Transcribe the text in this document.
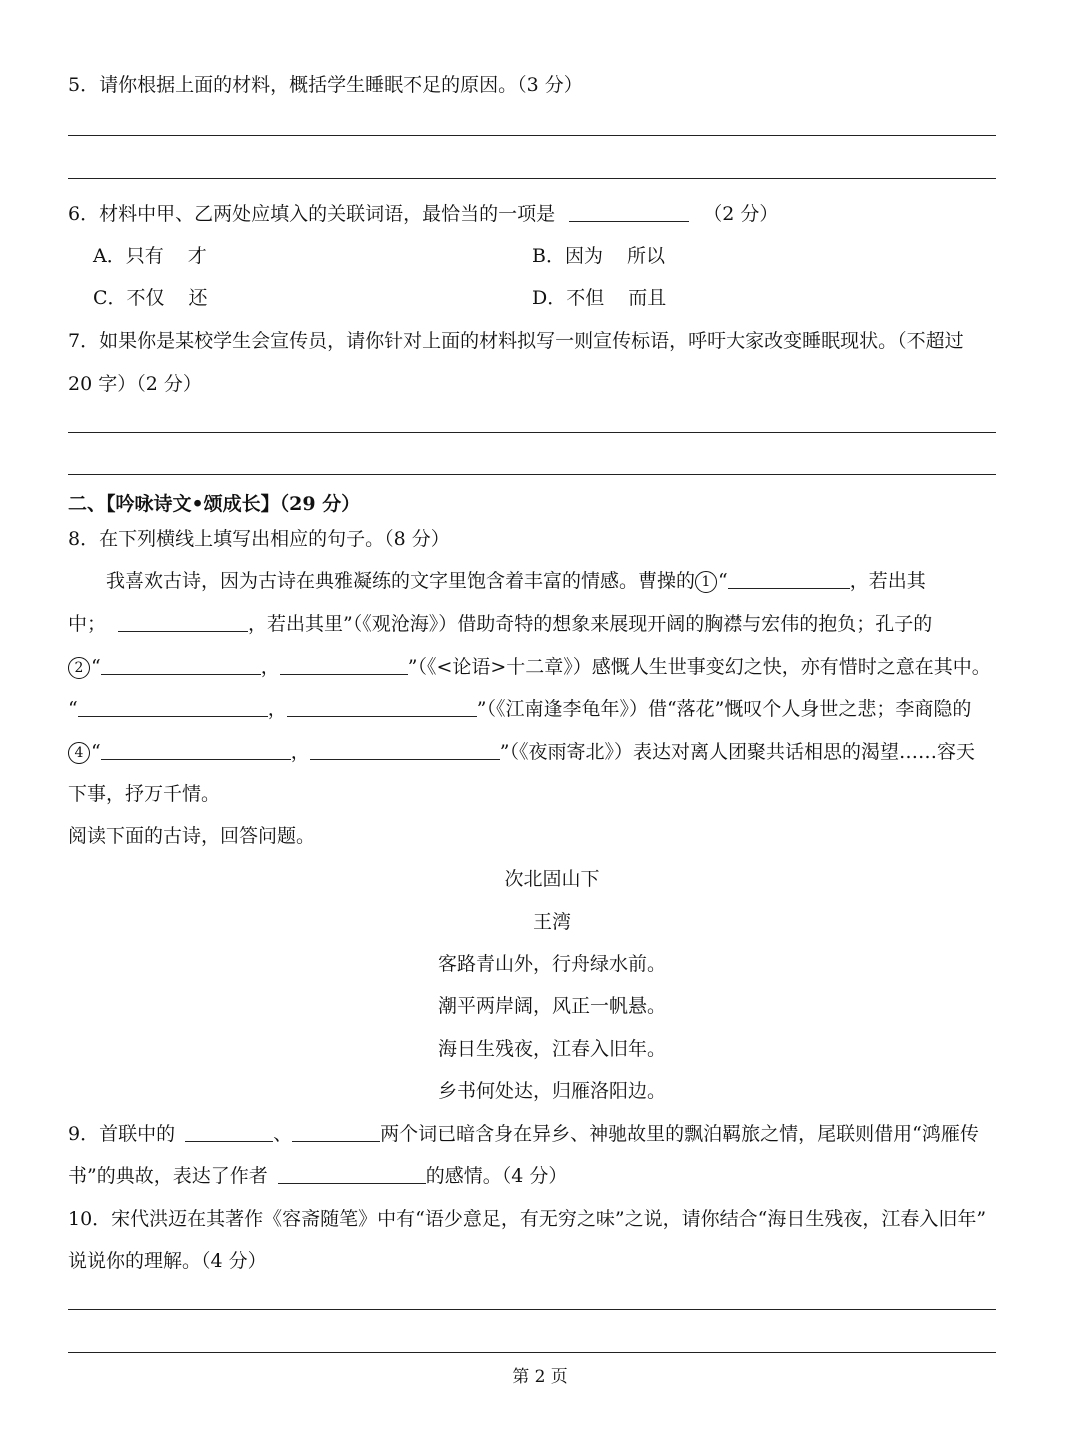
5．请你根据上面的材料，概括学生睡眠不足的原因。（3 分）
6．材料中甲、乙两处应填入的关联词语，最恰当的一项是	（2 分）
A．只有 才	B．因为 所以
C．不仅 还	D．不但 而且
7．如果你是某校学生会宣传员，请你针对上面的材料拟写一则宣传标语，呼吁大家改变睡眠现状。（不超过
20 字）（2 分）
二、【吟咏诗文•颂成长】（29 分）
8．在下列横线上填写出相应的句子。（8 分）
我喜欢古诗，因为古诗在典雅凝练的文字里饱含着丰富的情感。曹操的 1 “	，若出其
中；	，若出其里”（《观沧海》）借助奇特的想象来展现开阔的胸襟与宏伟的抱负；孔子的
2 “	，	”（《<论语>十二章》）感慨人生世事变幻之快，亦有惜时之意在其中。
“	，	”（《江南逢李龟年》）借“落花”慨叹个人身世之悲；李商隐的
4 “	，	”（《夜雨寄北》）表达对离人团聚共话相思的渴望……容天
下事，抒万千情。
阅读下面的古诗，回答问题。
次北固山下
王湾
客路青山外，行舟绿水前。
潮平两岸阔，风正一帆悬。
海日生残夜，江春入旧年。
乡书何处达，归雁洛阳边。
9．首联中的	、	两个词已暗含身在异乡、神驰故里的飘泊羁旅之情，尾联则借用“鸿雁传
书”的典故，表达了作者	的感情。（4 分）
10．宋代洪迈在其著作《容斋随笔》中有“语少意足，有无穷之味”之说，请你结合“海日生残夜，江春入旧年”
说说你的理解。（4 分）
第 2 页
